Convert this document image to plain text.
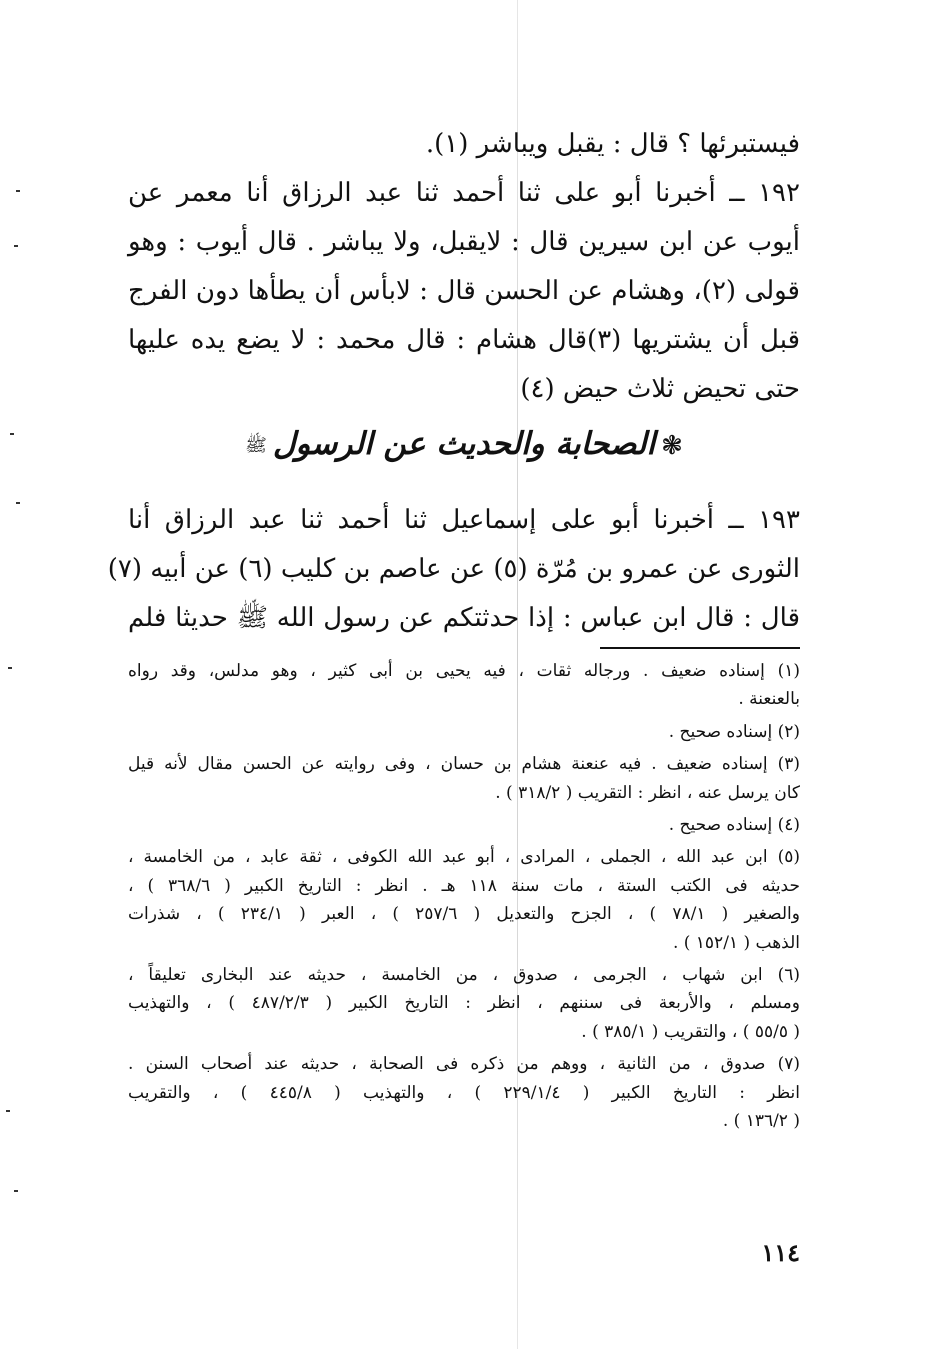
فيستبرئها ؟ قال : يقبل ويباشر (١).
١٩٢ ــ أخبرنا أبو على ثنا أحمد ثنا عبد الرزاق أنا معمر عن
أيوب عن ابن سيرين قال : لايقبل، ولا يباشر . قال أيوب : وهو
قولى (٢)، وهشام عن الحسن قال : لابأس أن يطأها دون الفرج
قبل أن يشتريها (٣)قال هشام : قال محمد : لا يضع يده عليها
حتى تحيض ثلاث حيض (٤)
❃الصحابة والحديث عن الرسولﷺ
١٩٣ ــ أخبرنا أبو على إسماعيل ثنا أحمد ثنا عبد الرزاق أنا
الثورى عن عمرو بن مُرّة (٥) عن عاصم بن كليب (٦) عن أبيه (٧)
قال : قال ابن عباس : إذا حدثتكم عن رسول الله ﷺ حديثا فلم
(١) إسناده ضعيف . ورجاله ثقات ، فيه يحيى بن أبى كثير ، وهو مدلس، وقد رواه
بالعنعنة .
(٢) إسناده صحيح .
(٣) إسناده ضعيف . فيه عنعنة هشام بن حسان ، وفى روايته عن الحسن مقال لأنه قيل
كان يرسل عنه ، انظر : التقريب ( ٣١٨/٢ ) .
(٤) إسناده صحيح .
(٥) ابن عبد الله ، الجملى ، المرادى ، أبو عبد الله الكوفى ، ثقة عابد ، من الخامسة ،
حديثه فى الكتب الستة ، مات سنة ١١٨ هـ . انظر : التاريخ الكبير ( ٣٦٨/٦ ) ،
والصغير ( ٧٨/١ ) ، الجزح والتعديل ( ٢٥٧/٦ ) ، العبر ( ٢٣٤/١ ) ، شذرات
الذهب ( ١٥٢/١ ) .
(٦) ابن شهاب ، الجرمى ، صدوق ، من الخامسة ، حديثه عند البخارى تعليقاً ،
ومسلم ، والأربعة فى سننهم ، انظر : التاريخ الكبير ( ٤٨٧/٢/٣ ) ، والتهذيب
( ٥٥/٥ ) ، والتقريب ( ٣٨٥/١ ) .
(٧) صدوق ، من الثانية ، ووهم من ذكره فى الصحابة ، حديثه عند أصحاب السنن .
انظر : التاريخ الكبير ( ٢٢٩/١/٤ ) ، والتهذيب ( ٤٤٥/٨ ) ، والتقريب
( ١٣٦/٢ ) .
١١٤
